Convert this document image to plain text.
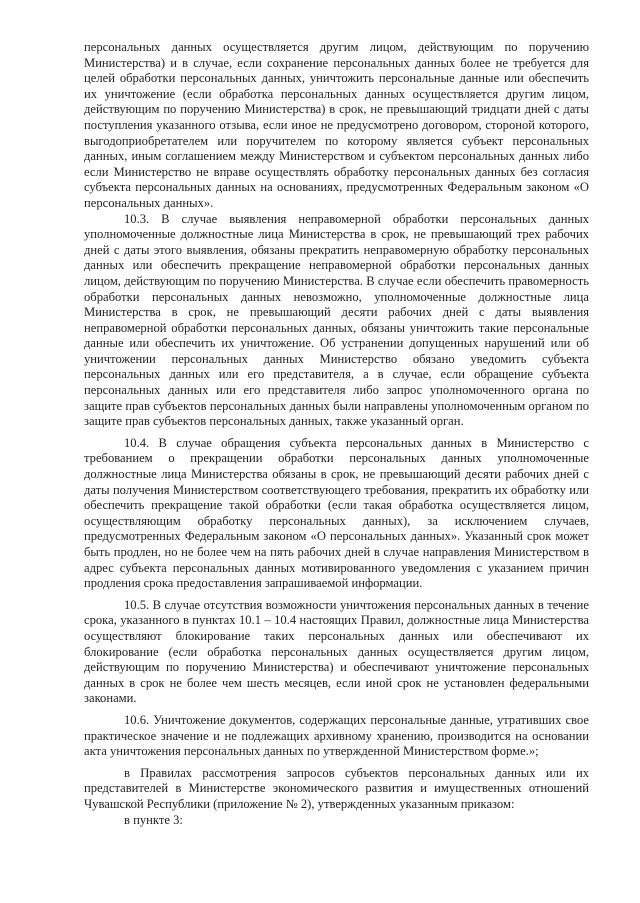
персональных данных осуществляется другим лицом, действующим по поручению Министерства) и в случае, если сохранение персональных данных более не требуется для целей обработки персональных данных, уничтожить персональные данные или обеспечить их уничтожение (если обработка персональных данных осуществляется другим лицом, действующим по поручению Министерства) в срок, не превышающий тридцати дней с даты поступления указанного отзыва, если иное не предусмотрено договором, стороной которого, выгодоприобретателем или поручителем по которому является субъект персональных данных, иным соглашением между Министерством и субъектом персональных данных либо если Министерство не вправе осуществлять обработку персональных данных без согласия субъекта персональных данных на основаниях, предусмотренных Федеральным законом «О персональных данных».

10.3. В случае выявления неправомерной обработки персональных данных уполномоченные должностные лица Министерства в срок, не превышающий трех рабочих дней с даты этого выявления, обязаны прекратить неправомерную обработку персональных данных или обеспечить прекращение неправомерной обработки персональных данных лицом, действующим по поручению Министерства. В случае если обеспечить правомерность обработки персональных данных невозможно, уполномоченные должностные лица Министерства в срок, не превышающий десяти рабочих дней с даты выявления неправомерной обработки персональных данных, обязаны уничтожить такие персональные данные или обеспечить их уничтожение. Об устранении допущенных нарушений или об уничтожении персональных данных Министерство обязано уведомить субъекта персональных данных или его представителя, а в случае, если обращение субъекта персональных данных или его представителя либо запрос уполномоченного органа по защите прав субъектов персональных данных были направлены уполномоченным органом по защите прав субъектов персональных данных, также указанный орган.

10.4. В случае обращения субъекта персональных данных в Министерство с требованием о прекращении обработки персональных данных уполномоченные должностные лица Министерства обязаны в срок, не превышающий десяти рабочих дней с даты получения Министерством соответствующего требования, прекратить их обработку или обеспечить прекращение такой обработки (если такая обработка осуществляется лицом, осуществляющим обработку персональных данных), за исключением случаев, предусмотренных Федеральным законом «О персональных данных». Указанный срок может быть продлен, но не более чем на пять рабочих дней в случае направления Министерством в адрес субъекта персональных данных мотивированного уведомления с указанием причин продления срока предоставления запрашиваемой информации.

10.5. В случае отсутствия возможности уничтожения персональных данных в течение срока, указанного в пунктах 10.1 – 10.4 настоящих Правил, должностные лица Министерства осуществляют блокирование таких персональных данных или обеспечивают их блокирование (если обработка персональных данных осуществляется другим лицом, действующим по поручению Министерства) и обеспечивают уничтожение персональных данных в срок не более чем шесть месяцев, если иной срок не установлен федеральными законами.

10.6. Уничтожение документов, содержащих персональные данные, утративших свое практическое значение и не подлежащих архивному хранению, производится на основании акта уничтожения персональных данных по утвержденной Министерством форме.»;

в Правилах рассмотрения запросов субъектов персональных данных или их представителей в Министерстве экономического развития и имущественных отношений Чувашской Республики (приложение № 2), утвержденных указанным приказом:

в пункте 3:
